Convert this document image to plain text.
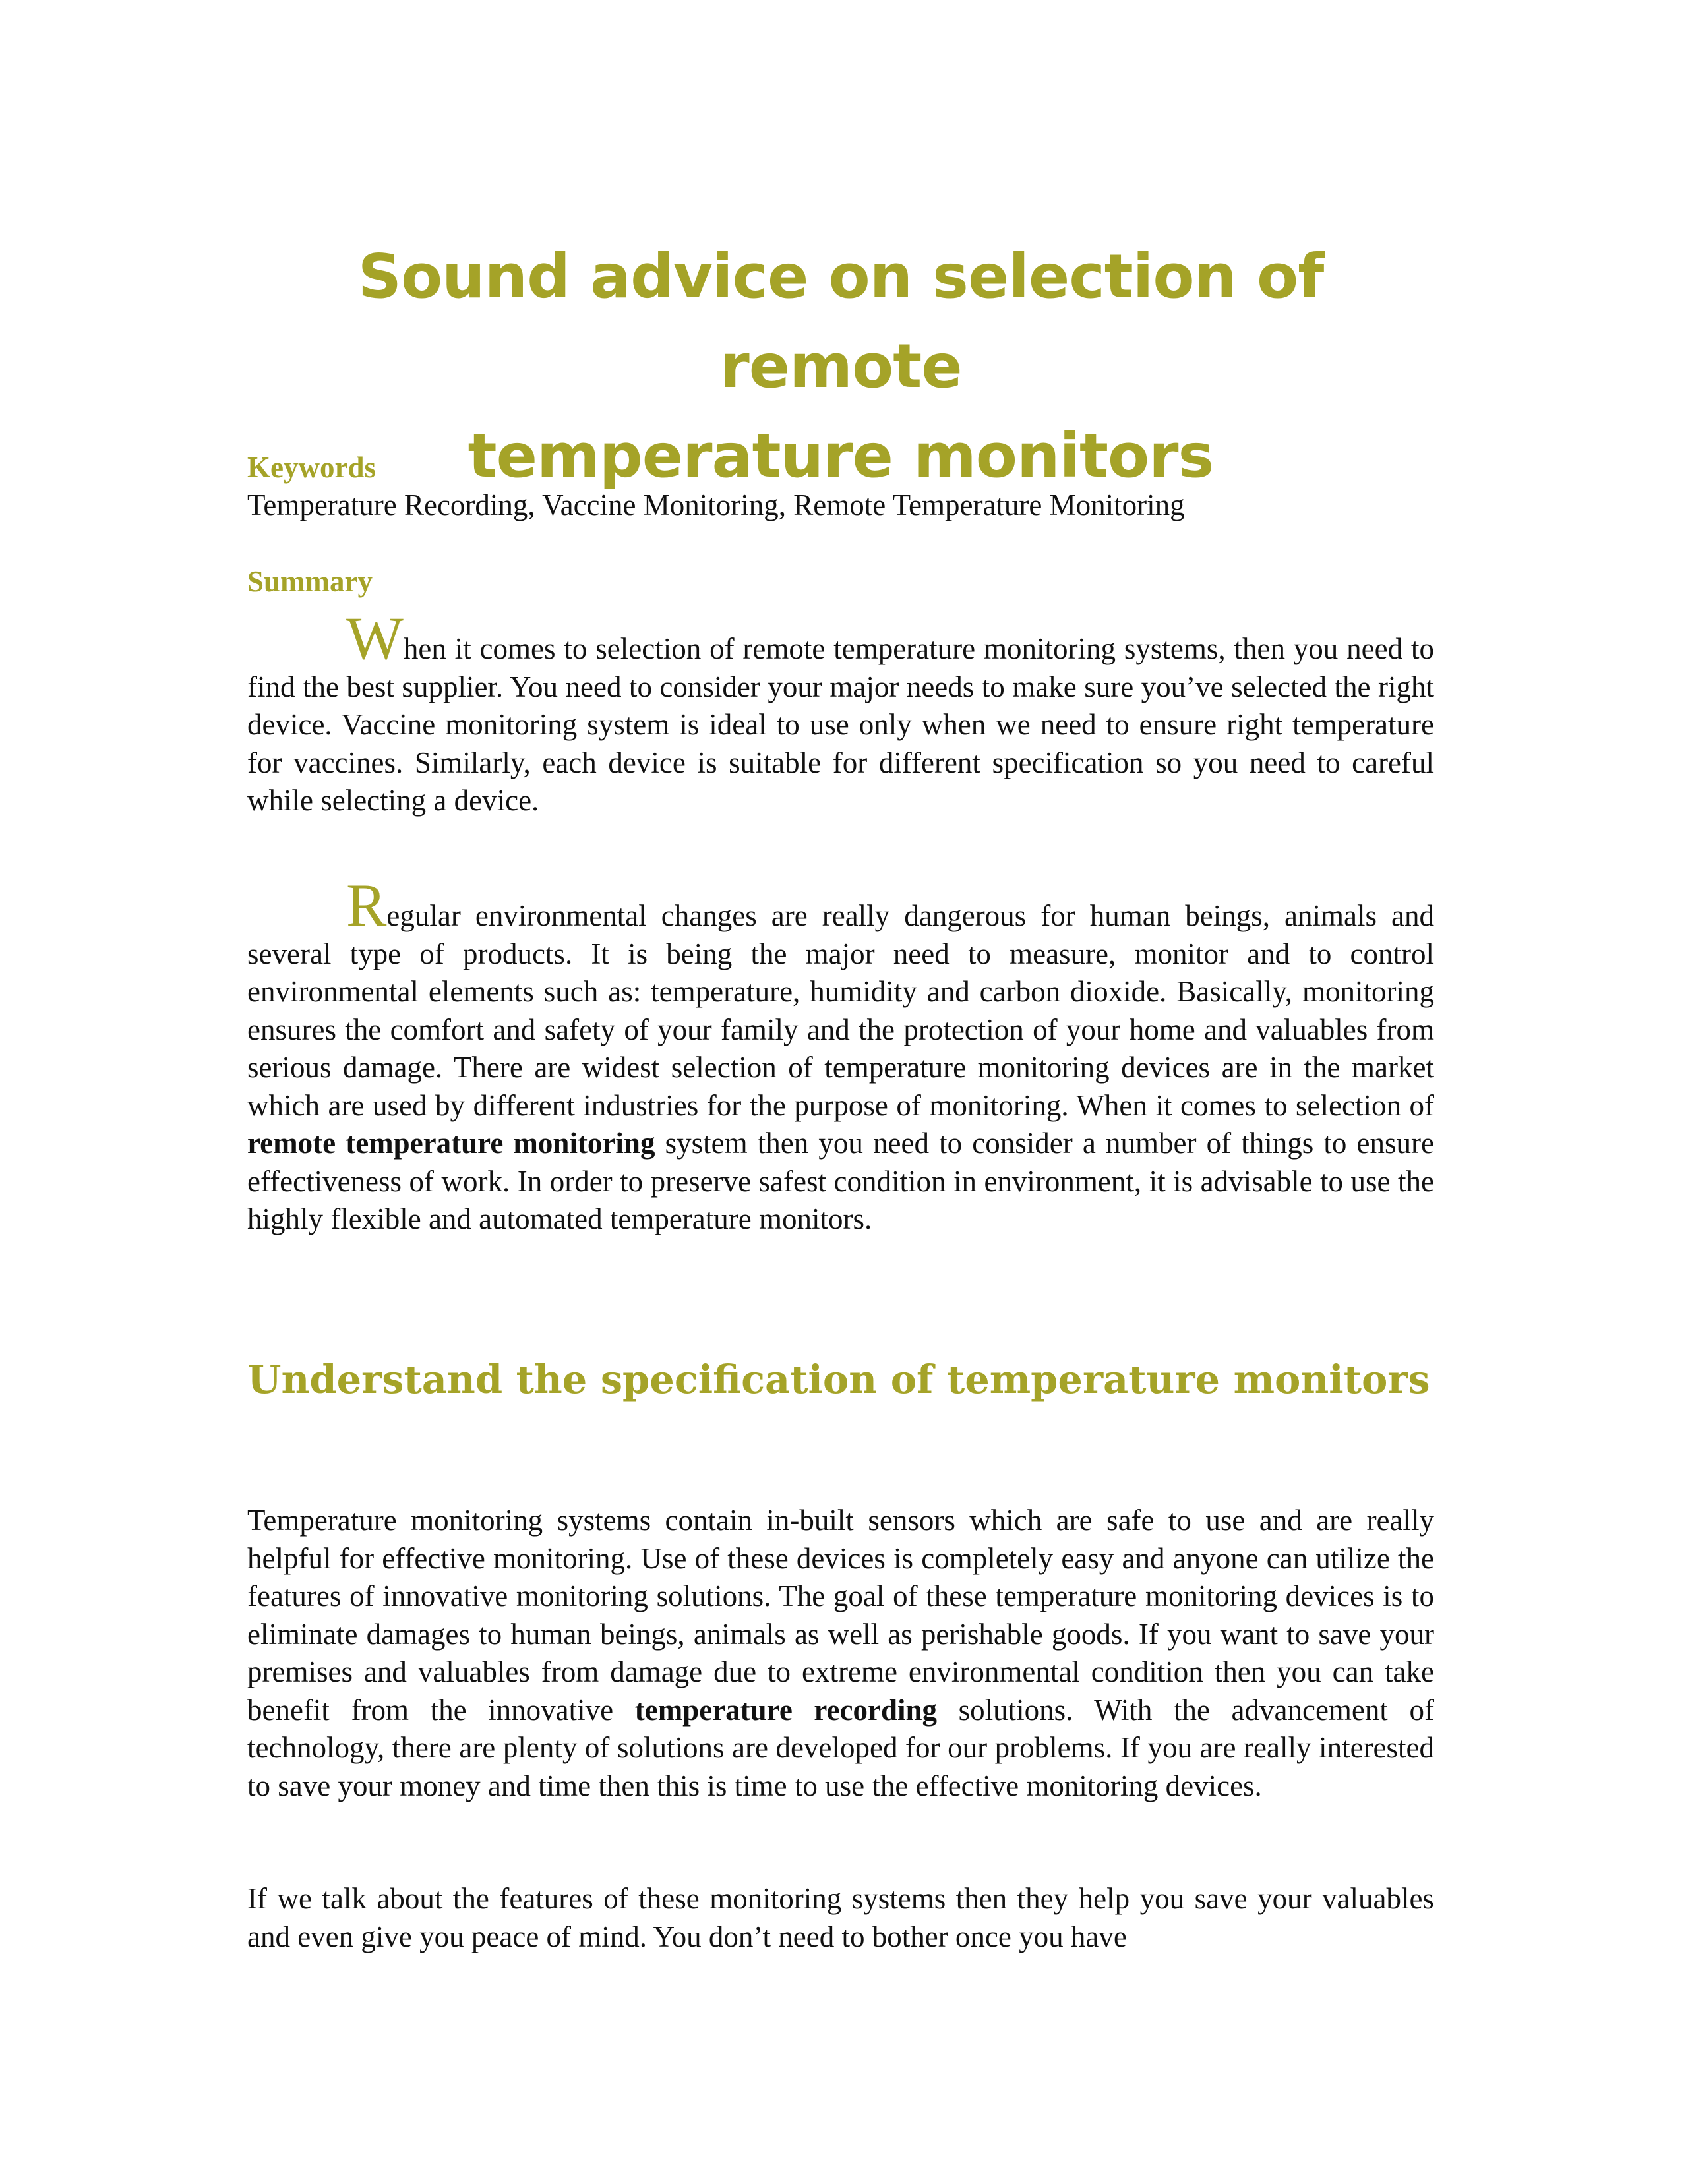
Sound advice on selection of remote
temperature monitors
Keywords
Temperature Recording, Vaccine Monitoring, Remote Temperature Monitoring
Summary

When it comes to selection of remote temperature monitoring systems, then you need to find the best supplier. You need to consider your major needs to make sure you’ve selected the right device. Vaccine monitoring system is ideal to use only when we need to ensure right temperature for vaccines. Similarly, each device is suitable for different specification so you need to careful while selecting a device.

Regular environmental changes are really dangerous for human beings, animals and several type of products. It is being the major need to measure, monitor and to control environmental elements such as: temperature, humidity and carbon dioxide. Basically, monitoring ensures the comfort and safety of your family and the protection of your home and valuables from serious damage. There are widest selection of temperature monitoring devices are in the market which are used by different industries for the purpose of monitoring. When it comes to selection of remote temperature monitoring system then you need to consider a number of things to ensure effectiveness of work. In order to preserve safest condition in environment, it is advisable to use the highly flexible and automated temperature monitors.

Understand the specification of temperature monitors

Temperature monitoring systems contain in-built sensors which are safe to use and are really helpful for effective monitoring. Use of these devices is completely easy and anyone can utilize the features of innovative monitoring solutions. The goal of these temperature monitoring devices is to eliminate damages to human beings, animals as well as perishable goods. If you want to save your premises and valuables from damage due to extreme environmental condition then you can take benefit from the innovative temperature recording solutions. With the advancement of technology, there are plenty of solutions are developed for our problems. If you are really interested to save your money and time then this is time to use the effective monitoring devices.

If we talk about the features of these monitoring systems then they help you save your valuables and even give you peace of mind. You don’t need to bother once you have
